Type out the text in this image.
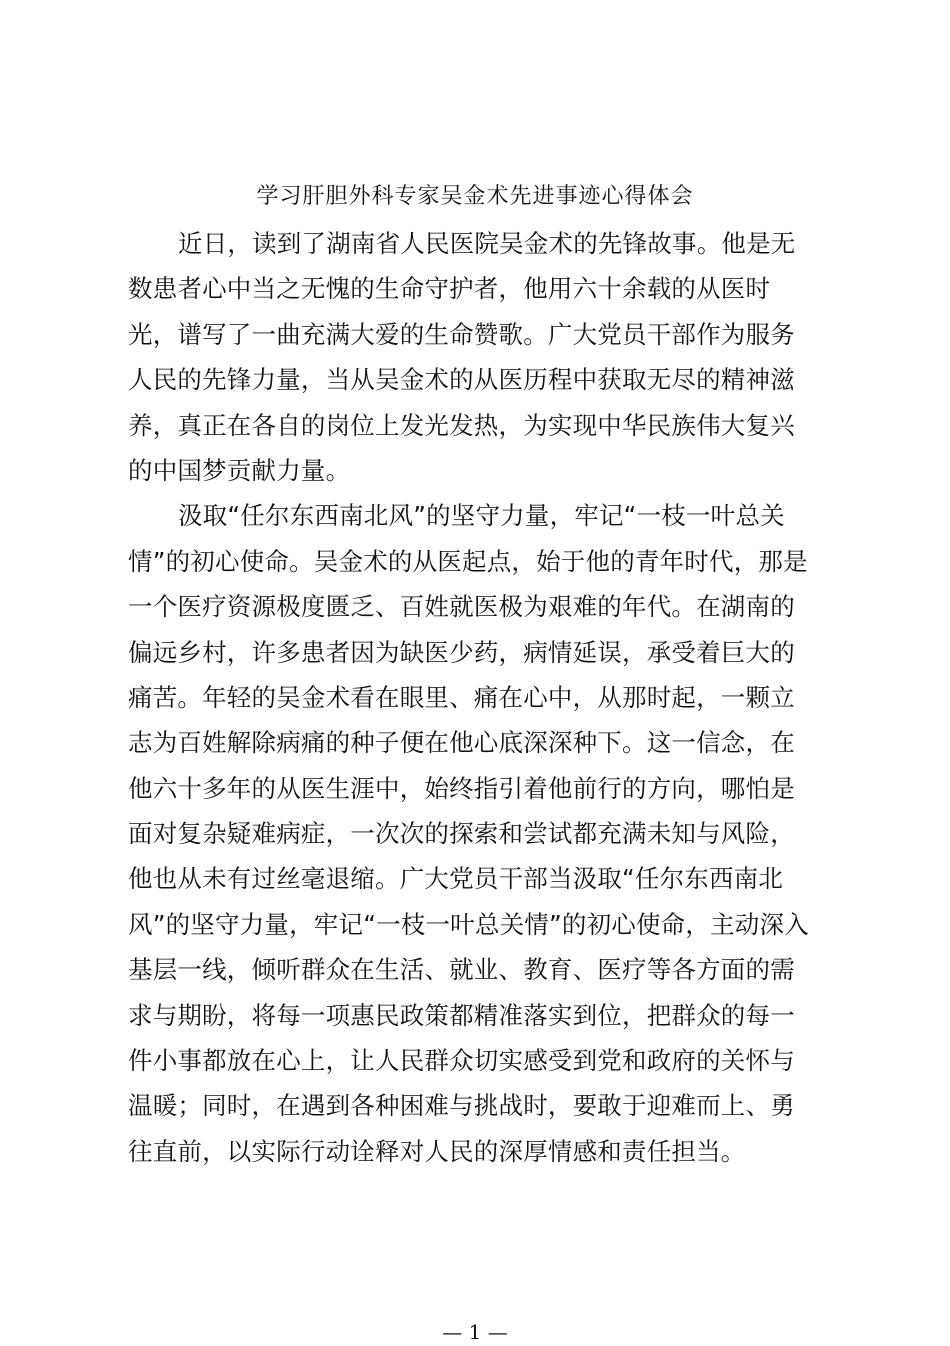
学习肝胆外科专家吴金术先进事迹心得体会
近日，读到了湖南省人民医院吴金术的先锋故事。他是无
数患者心中当之无愧的生命守护者，他用六十余载的从医时
光，谱写了一曲充满大爱的生命赞歌。广大党员干部作为服务
人民的先锋力量，当从吴金术的从医历程中获取无尽的精神滋
养，真正在各自的岗位上发光发热，为实现中华民族伟大复兴
的中国梦贡献力量。
汲取“任尔东西南北风”的坚守力量，牢记“一枝一叶总关
情”的初心使命。吴金术的从医起点，始于他的青年时代，那是
一个医疗资源极度匮乏、百姓就医极为艰难的年代。在湖南的
偏远乡村，许多患者因为缺医少药，病情延误，承受着巨大的
痛苦。年轻的吴金术看在眼里、痛在心中，从那时起，一颗立
志为百姓解除病痛的种子便在他心底深深种下。这一信念，在
他六十多年的从医生涯中，始终指引着他前行的方向，哪怕是
面对复杂疑难病症，一次次的探索和尝试都充满未知与风险，
他也从未有过丝毫退缩。广大党员干部当汲取“任尔东西南北
风”的坚守力量，牢记“一枝一叶总关情”的初心使命，主动深入
基层一线，倾听群众在生活、就业、教育、医疗等各方面的需
求与期盼，将每一项惠民政策都精准落实到位，把群众的每一
件小事都放在心上，让人民群众切实感受到党和政府的关怀与
温暖；同时，在遇到各种困难与挑战时，要敢于迎难而上、勇
往直前，以实际行动诠释对人民的深厚情感和责任担当。
— 1 —
